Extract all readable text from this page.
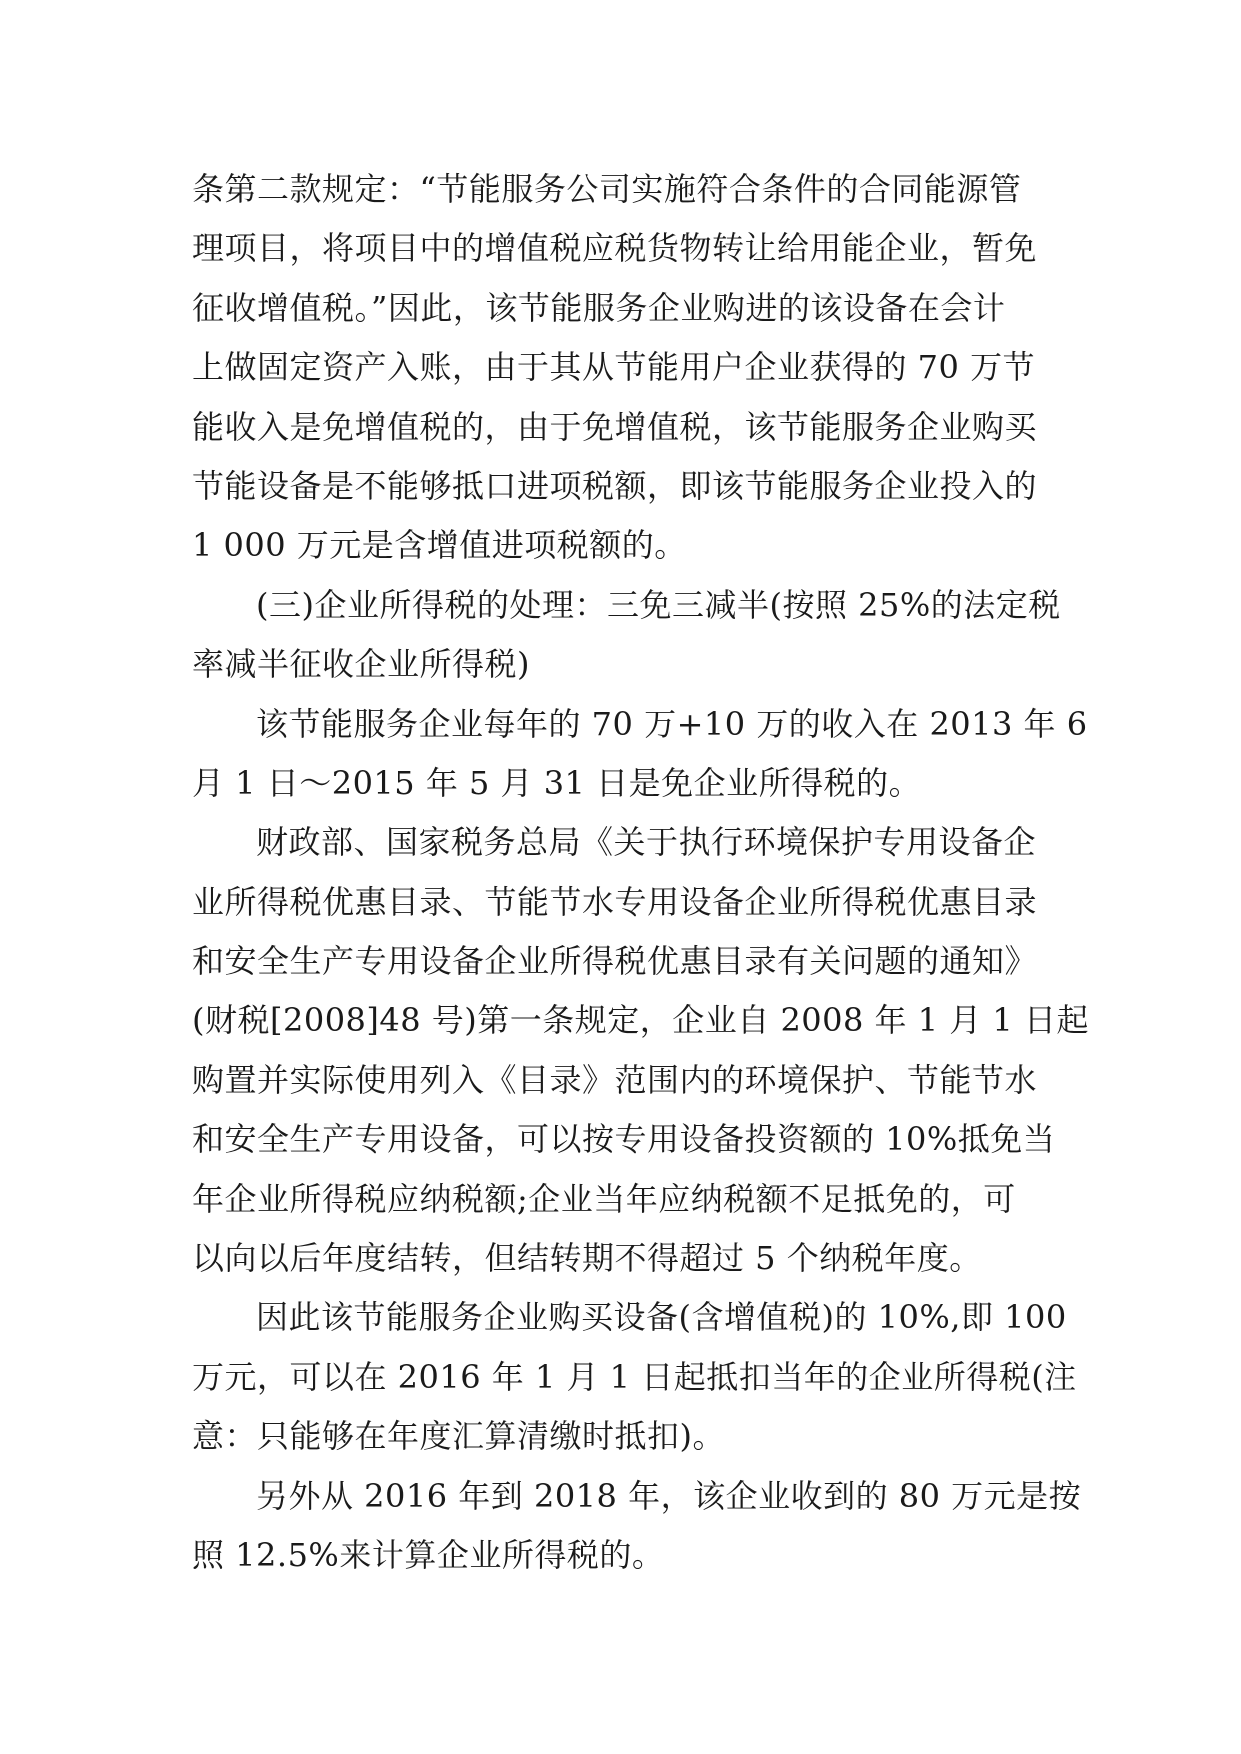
条第二款规定：“节能服务公司实施符合条件的合同能源管
理项目，将项目中的增值税应税货物转让给用能企业，暂免
征收增值税。”因此，该节能服务企业购进的该设备在会计
上做固定资产入账，由于其从节能用户企业获得的 70 万节
能收入是免增值税的，由于免增值税，该节能服务企业购买
节能设备是不能够抵口进项税额，即该节能服务企业投入的
1 000 万元是含增值进项税额的。
(三)企业所得税的处理：三免三减半(按照 25%的法定税
率减半征收企业所得税)
该节能服务企业每年的 70 万+10 万的收入在 2013 年 6
月 1 日～2015 年 5 月 31 日是免企业所得税的。
财政部、国家税务总局《关于执行环境保护专用设备企
业所得税优惠目录、节能节水专用设备企业所得税优惠目录
和安全生产专用设备企业所得税优惠目录有关问题的通知》
(财税[2008]48 号)第一条规定，企业自 2008 年 1 月 1 日起
购置并实际使用列入《目录》范围内的环境保护、节能节水
和安全生产专用设备，可以按专用设备投资额的 10%抵免当
年企业所得税应纳税额;企业当年应纳税额不足抵免的，可
以向以后年度结转，但结转期不得超过 5 个纳税年度。
因此该节能服务企业购买设备(含增值税)的 10%,即 100
万元，可以在 2016 年 1 月 1 日起抵扣当年的企业所得税(注
意：只能够在年度汇算清缴时抵扣)。
另外从 2016 年到 2018 年，该企业收到的 80 万元是按
照 12.5%来计算企业所得税的。
